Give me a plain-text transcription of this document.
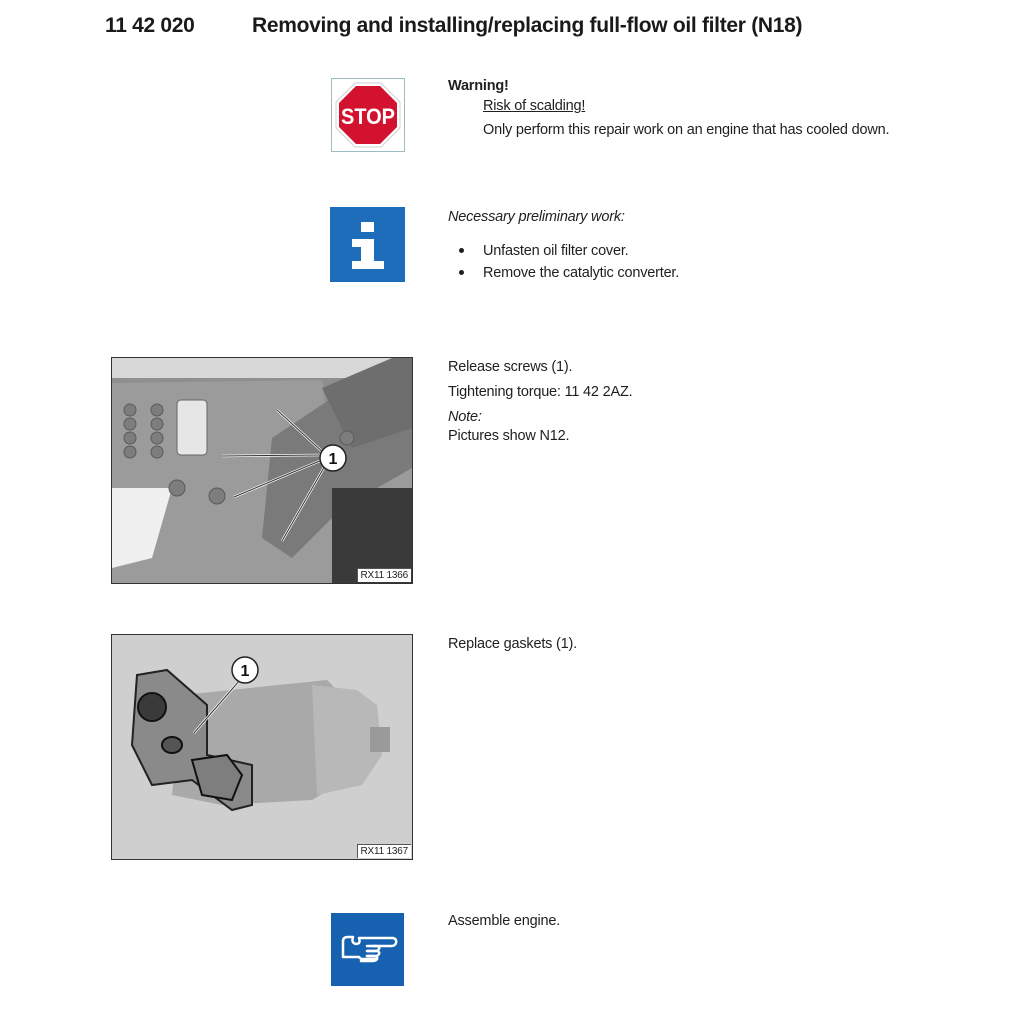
11 42 020	Removing and installing/replacing full-flow oil filter (N18)
STOP
Warning!
Risk of scalding!
Only perform this repair work on an engine that has cooled down.
Necessary preliminary work:
Unfasten oil filter cover.
Remove the catalytic converter.
1
RX11 1366
Release screws (1).
Tightening torque: 11 42 2AZ.
Note:
Pictures show N12.
1
RX11 1367
Replace gaskets (1).
Assemble engine.
